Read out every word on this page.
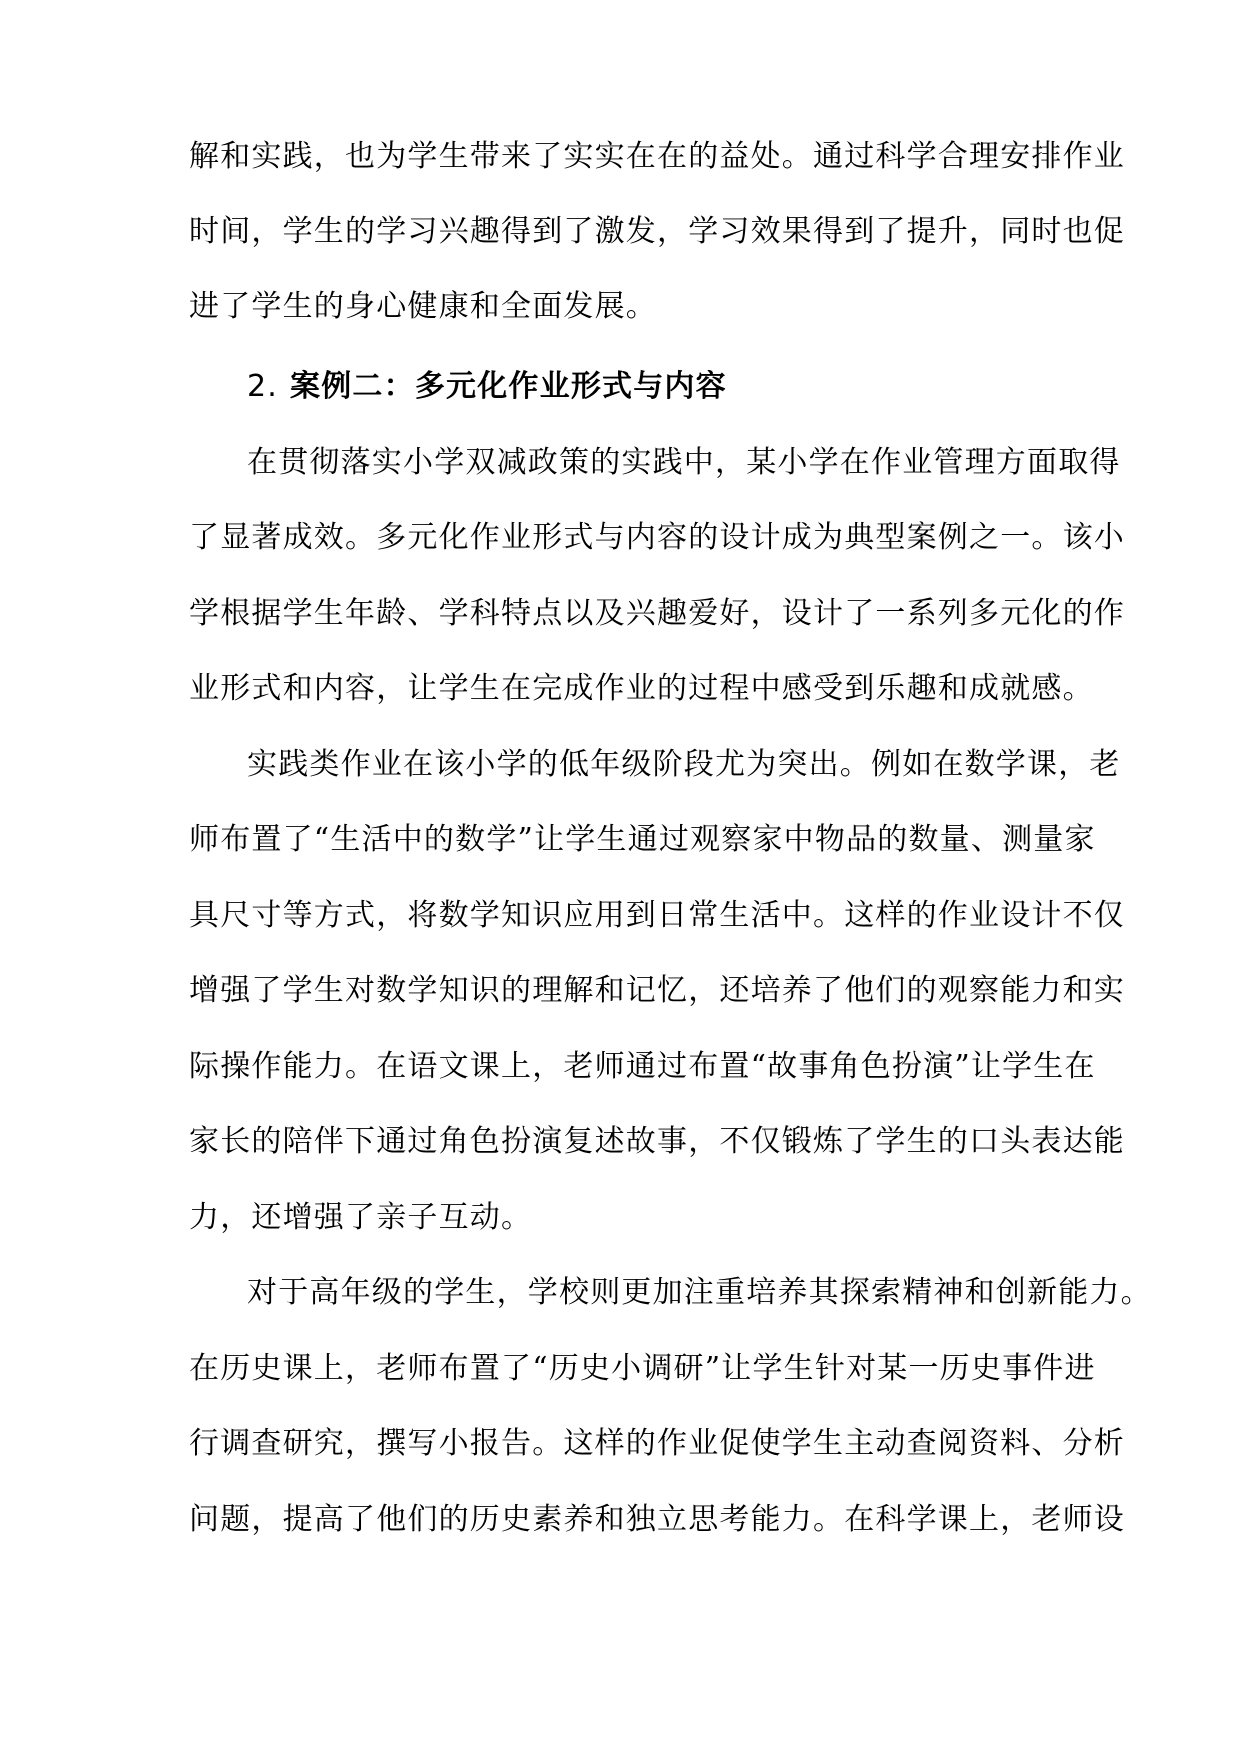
解和实践，也为学生带来了实实在在的益处。通过科学合理安排作业
时间，学生的学习兴趣得到了激发，学习效果得到了提升，同时也促
进了学生的身心健康和全面发展。
2. 案例二：多元化作业形式与内容
在贯彻落实小学双减政策的实践中，某小学在作业管理方面取得
了显著成效。多元化作业形式与内容的设计成为典型案例之一。该小
学根据学生年龄、学科特点以及兴趣爱好，设计了一系列多元化的作
业形式和内容，让学生在完成作业的过程中感受到乐趣和成就感。
实践类作业在该小学的低年级阶段尤为突出。例如在数学课，老
师布置了“生活中的数学”让学生通过观察家中物品的数量、测量家
具尺寸等方式，将数学知识应用到日常生活中。这样的作业设计不仅
增强了学生对数学知识的理解和记忆，还培养了他们的观察能力和实
际操作能力。在语文课上，老师通过布置“故事角色扮演”让学生在
家长的陪伴下通过角色扮演复述故事，不仅锻炼了学生的口头表达能
力，还增强了亲子互动。
对于高年级的学生，学校则更加注重培养其探索精神和创新能力。
在历史课上，老师布置了“历史小调研”让学生针对某一历史事件进
行调查研究，撰写小报告。这样的作业促使学生主动查阅资料、分析
问题，提高了他们的历史素养和独立思考能力。在科学课上，老师设
